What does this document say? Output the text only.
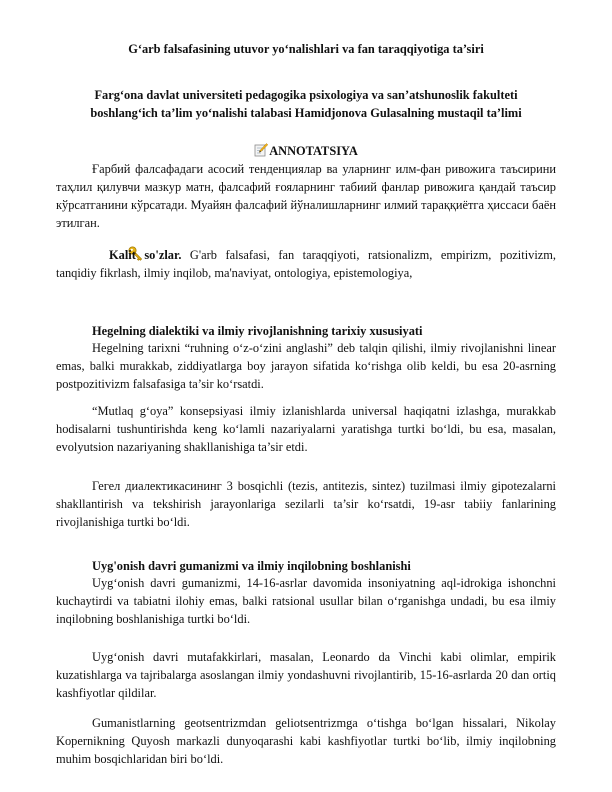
G‘arb falsafasining utuvor yo‘nalishlari va fan taraqqiyotiga ta’siri
Farg‘ona davlat universiteti pedagogika psixologiya va san’atshunoslik fakulteti
boshlang‘ich ta’lim yo‘nalishi talabasi Hamidjonova Gulasalning mustaqil ta’limi
ANNOTATSIYA

Ғарбий фалсафадаги асосий тенденциялар ва уларнинг илм-фан ривожига таъсирини таҳлил қилувчи мазкур матн, фалсафий ғояларнинг табиий фанлар ривожига қандай таъсир кўрсатганини кўрсатади. Муайян фалсафий йўналишларнинг илмий тараққиётга ҳиссаси баён этилган.

Kalit so'zlar. G'arb falsafasi, fan taraqqiyoti, ratsionalizm, empirizm, pozitivizm, tanqidiy fikrlash, ilmiy inqilob, ma'naviyat, ontologiya, epistemologiya,

Hegelning dialektiki va ilmiy rivojlanishning tarixiy xususiyati

Hegelning tarixni “ruhning o‘z-o‘zini anglashi” deb talqin qilishi, ilmiy rivojlanishni linear emas, balki murakkab, ziddiyatlarga boy jarayon sifatida ko‘rishga olib keldi, bu esa 20-asrning postpozitivizm falsafasiga ta’sir ko‘rsatdi.

“Mutlaq g‘oya” konsepsiyasi ilmiy izlanishlarda universal haqiqatni izlashga, murakkab hodisalarni tushuntirishda keng ko‘lamli nazariyalarni yaratishga turtki bo‘ldi, bu esa, masalan, evolyutsion nazariyaning shakllanishiga ta’sir etdi.

Гегел диалектикасининг 3 bosqichli (tezis, antitezis, sintez) tuzilmasi ilmiy gipotezalarni shakllantirish va tekshirish jarayonlariga sezilarli ta’sir ko‘rsatdi, 19-asr tabiiy fanlarining rivojlanishiga turtki bo‘ldi.

Uyg'onish davri gumanizmi va ilmiy inqilobning boshlanishi

Uyg‘onish davri gumanizmi, 14-16-asrlar davomida insoniyatning aql-idrokiga ishonchni kuchaytirdi va tabiatni ilohiy emas, balki ratsional usullar bilan o‘rganishga undadi, bu esa ilmiy inqilobning boshlanishiga turtki bo‘ldi.

Uyg‘onish davri mutafakkirlari, masalan, Leonardo da Vinchi kabi olimlar, empirik kuzatishlarga va tajribalarga asoslangan ilmiy yondashuvni rivojlantirib, 15-16-asrlarda 20 dan ortiq kashfiyotlar qildilar.

Gumanistlarning geotsentrizmdan geliotsentrizmga o‘tishga bo‘lgan hissalari, Nikolay Kopernikning Quyosh markazli dunyoqarashi kabi kashfiyotlar turtki bo‘lib, ilmiy inqilobning muhim bosqichlaridan biri bo‘ldi.
